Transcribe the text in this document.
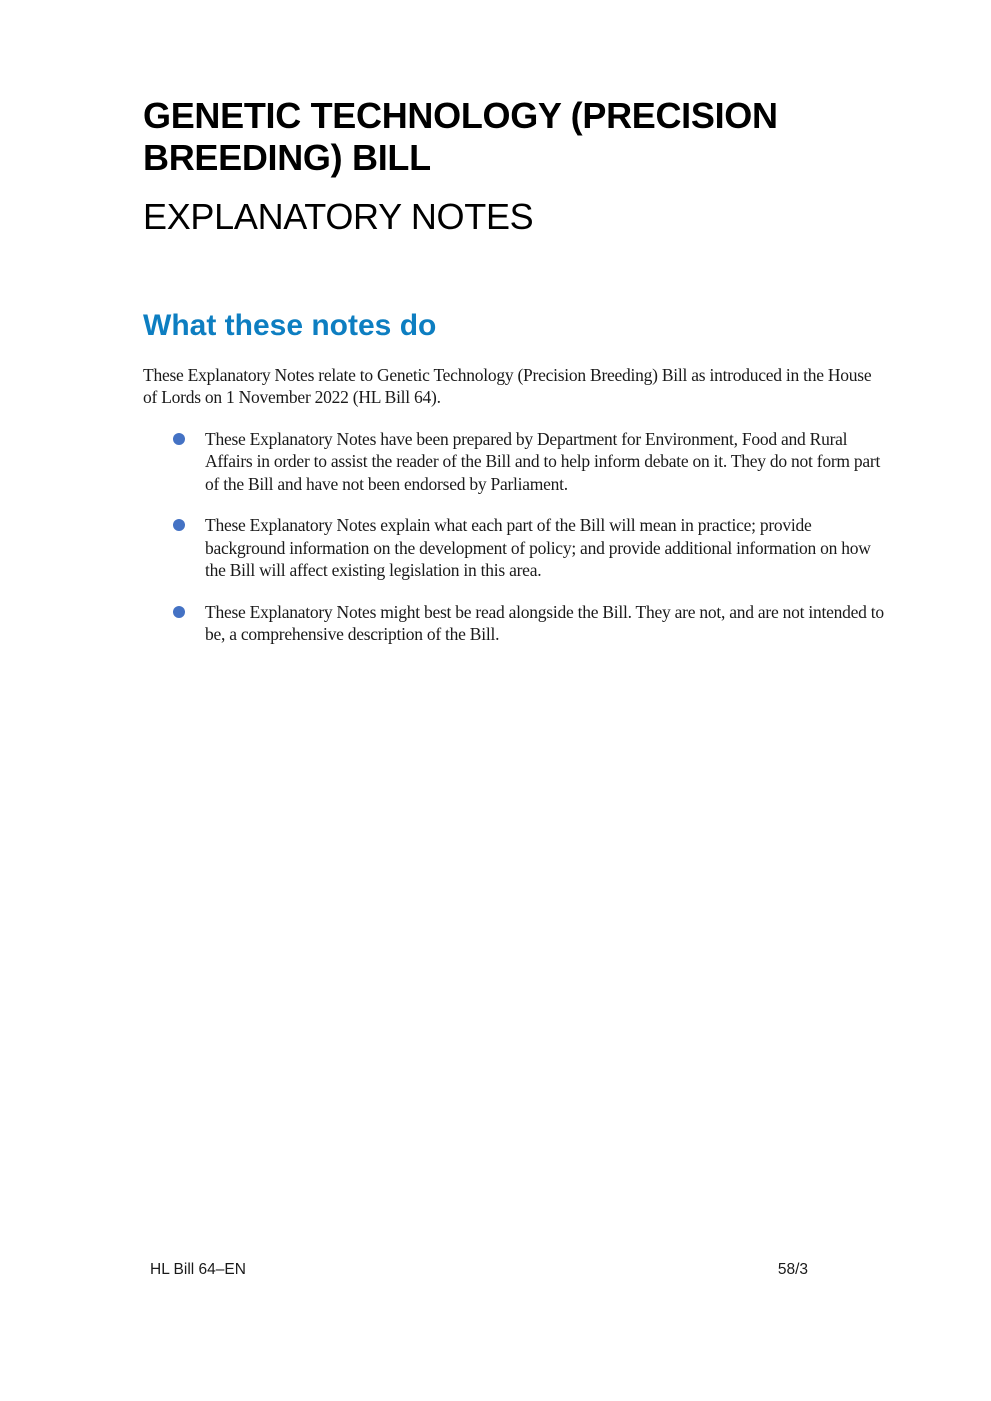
GENETIC TECHNOLOGY (PRECISION BREEDING) BILL
EXPLANATORY NOTES
What these notes do

These Explanatory Notes relate to Genetic Technology (Precision Breeding) Bill as introduced in the House of Lords on 1 November 2022 (HL Bill 64).

These Explanatory Notes have been prepared by Department for Environment, Food and Rural Affairs in order to assist the reader of the Bill and to help inform debate on it. They do not form part of the Bill and have not been endorsed by Parliament.
These Explanatory Notes explain what each part of the Bill will mean in practice; provide background information on the development of policy; and provide additional information on how the Bill will affect existing legislation in this area.
These Explanatory Notes might best be read alongside the Bill. They are not, and are not intended to be, a comprehensive description of the Bill.
HL Bill 64–EN	58/3
